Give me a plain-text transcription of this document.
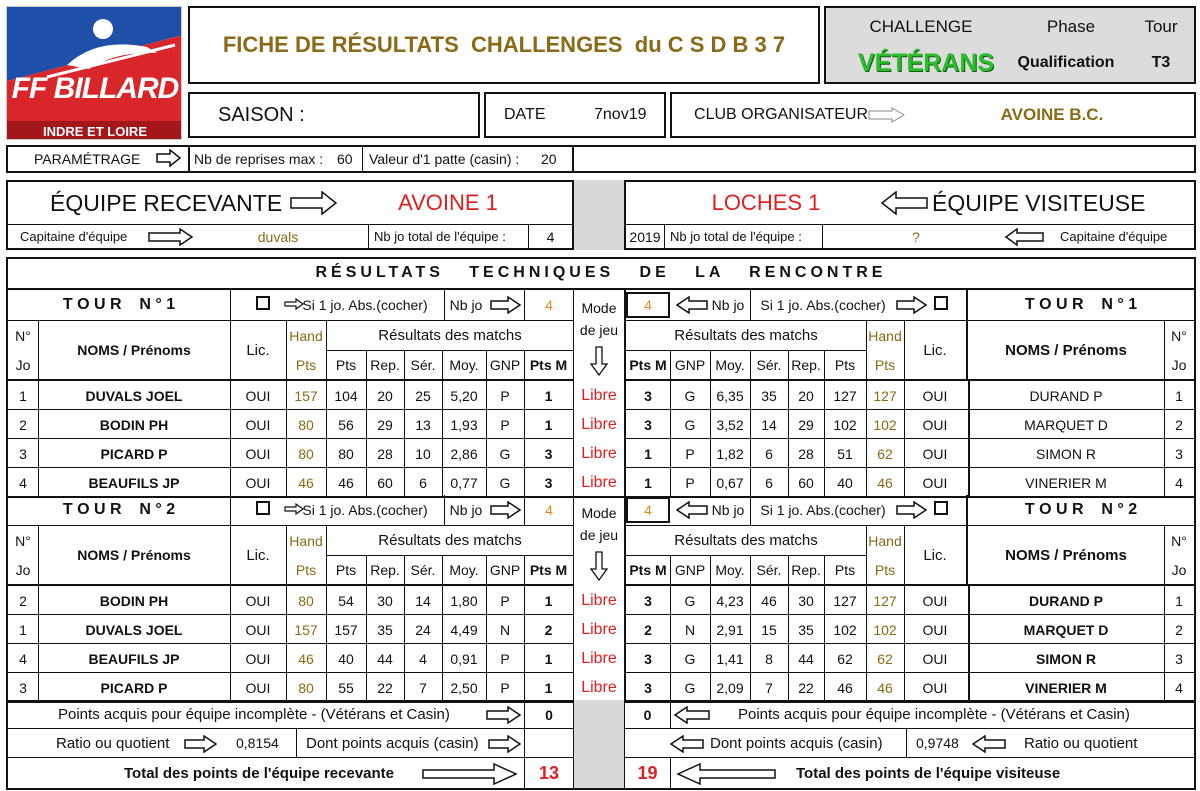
FF BILLARD
INDRE ET LOIRE
FICHE DE RÉSULTATS  CHALLENGES  du C S D B 3 7
CHALLENGE	Phase	Tour
VÉTÉRANS	Qualification	T3
SAISON :	DATE	7nov19	CLUB ORGANISATEUR	AVOINE B.C.
PARAMÉTRAGE	Nb de reprises max : 60 Valeur d'1 patte (casin) : 20
ÉQUIPE RECEVANTE	AVOINE 1
Capitaine d'équipe	duvals	Nb jo total de l'équipe :	4
LOCHES 1	ÉQUIPE VISITEUSE
2019 Nb jo total de l'équipe :	?	Capitaine d'équipe
RÉSULTATS   TECHNIQUES   DE   LA   RENCONTRE
T O U R    N ° 1	Si 1 jo. Abs.(cocher) Nb jo	4	Mode
de jeu
4	Nb jo	Si 1 jo. Abs.(cocher)	T O U R    N ° 1
N°
Jo
NOMS / Prénoms	Lic.
Hand
Pts
Résultats des matchs
Pts	Rep. Sér. Moy. GNP Pts M
Résultats des matchs
Pts M GNP Moy. Sér. Rep.	Pts
Hand
Pts
Lic.	NOMS / Prénoms
N°
Jo
1	DUVALS JOEL	OUI	157	104	20	25	5,20	P	1	Libre	3	G	6,35	35	20	127	127	OUI	DURAND P	1
2	BODIN PH	OUI	80	56	29	13	1,93	P	1	Libre	3	G	3,52	14	29	102	102	OUI	MARQUET D	2
3	PICARD P	OUI	80	80	28	10	2,86	G	3	Libre	1	P	1,82	6	28	51	62	OUI	SIMON R	3
4	BEAUFILS JP	OUI	46	46	60	6	0,77	G	3	Libre	1	P	0,67	6	60	40	46	OUI	VINERIER M	4
T O U R    N ° 2	Si 1 jo. Abs.(cocher) Nb jo	4	Mode
de jeu
4	Nb jo	Si 1 jo. Abs.(cocher)	T O U R    N ° 2
N°
Jo
NOMS / Prénoms	Lic.
Hand
Pts
Résultats des matchs
Pts	Rep. Sér. Moy. GNP Pts M
Résultats des matchs
Pts M GNP Moy. Sér. Rep.	Pts
Hand
Pts
Lic.	NOMS / Prénoms
N°
Jo
2	BODIN PH	OUI	80	54	30	14	1,80	P	1	Libre	3	G	4,23	46	30	127	127	OUI	DURAND P	1
1	DUVALS JOEL	OUI	157	157	35	24	4,49	N	2	Libre	2	N	2,91	15	35	102	102	OUI	MARQUET D	2
4	BEAUFILS JP	OUI	46	40	44	4	0,91	P	1	Libre	3	G	1,41	8	44	62	62	OUI	SIMON R	3
3	PICARD P	OUI	80	55	22	7	2,50	P	1	Libre	3	G	2,09	7	22	46	46	OUI	VINERIER M	4
Points acquis pour équipe incomplète - (Vétérans et Casin)	0	0	Points acquis pour équipe incomplète - (Vétérans et Casin)
Ratio ou quotient	0,8154 Dont points acquis (casin)	Dont points acquis (casin) 0,9748	Ratio ou quotient
Total des points de l'équipe recevante	13	19	Total des points de l'équipe visiteuse
